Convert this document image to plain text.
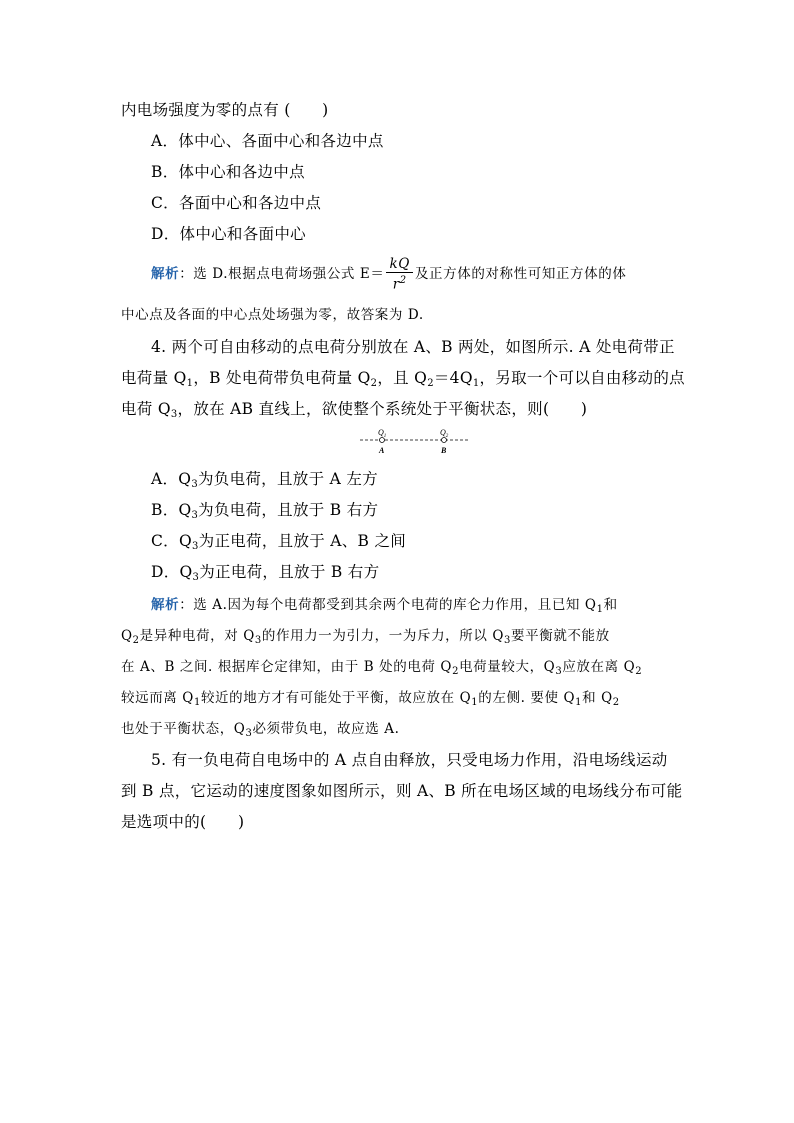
内电场强度为零的点有 (　　)
A．体中心、各面中心和各边中点
B．体中心和各边中点
C．各面中心和各边中点
D．体中心和各面中心
解析：选 D.根据点电荷场强公式 $E= \frac{kQ}{r^2}$ 及正方体的对称性可知正方体的体
中心点及各面的中心点处场强为零，故答案为 D.
4. 两个可自由移动的点电荷分别放在 A、B 两处，如图所示. A 处电荷带正
电荷量 $Q_1$，B 处电荷带负电荷量 $Q_2$，且 $Q_2=4Q_1$，另取一个可以自由移动的点
电荷 $Q_3$，放在 AB 直线上，欲使整个系统处于平衡状态，则(　　)
$Q_1$	$Q_2$
A	B
A．$Q_3$为负电荷，且放于 A 左方
B．$Q_3$为负电荷，且放于 B 右方
C．$Q_3$为正电荷，且放于 A、B 之间
D．$Q_3$为正电荷，且放于 B 右方
解析：选 A.因为每个电荷都受到其余两个电荷的库仑力作用，且已知 $Q_1$和
$Q_2$是异种电荷，对 $Q_3$的作用力一为引力，一为斥力，所以 $Q_3$要平衡就不能放
在 A、B 之间. 根据库仑定律知，由于 B 处的电荷 $Q_2$电荷量较大，$Q_3$应放在离 $Q_2$
较远而离 $Q_1$较近的地方才有可能处于平衡，故应放在 $Q_1$的左侧. 要使 $Q_1$和 $Q_2$
也处于平衡状态，$Q_3$必须带负电，故应选 A.
5. 有一负电荷自电场中的 A 点自由释放，只受电场力作用，沿电场线运动
到 B 点，它运动的速度图象如图所示，则 A、B 所在电场区域的电场线分布可能
是选项中的(　　)
